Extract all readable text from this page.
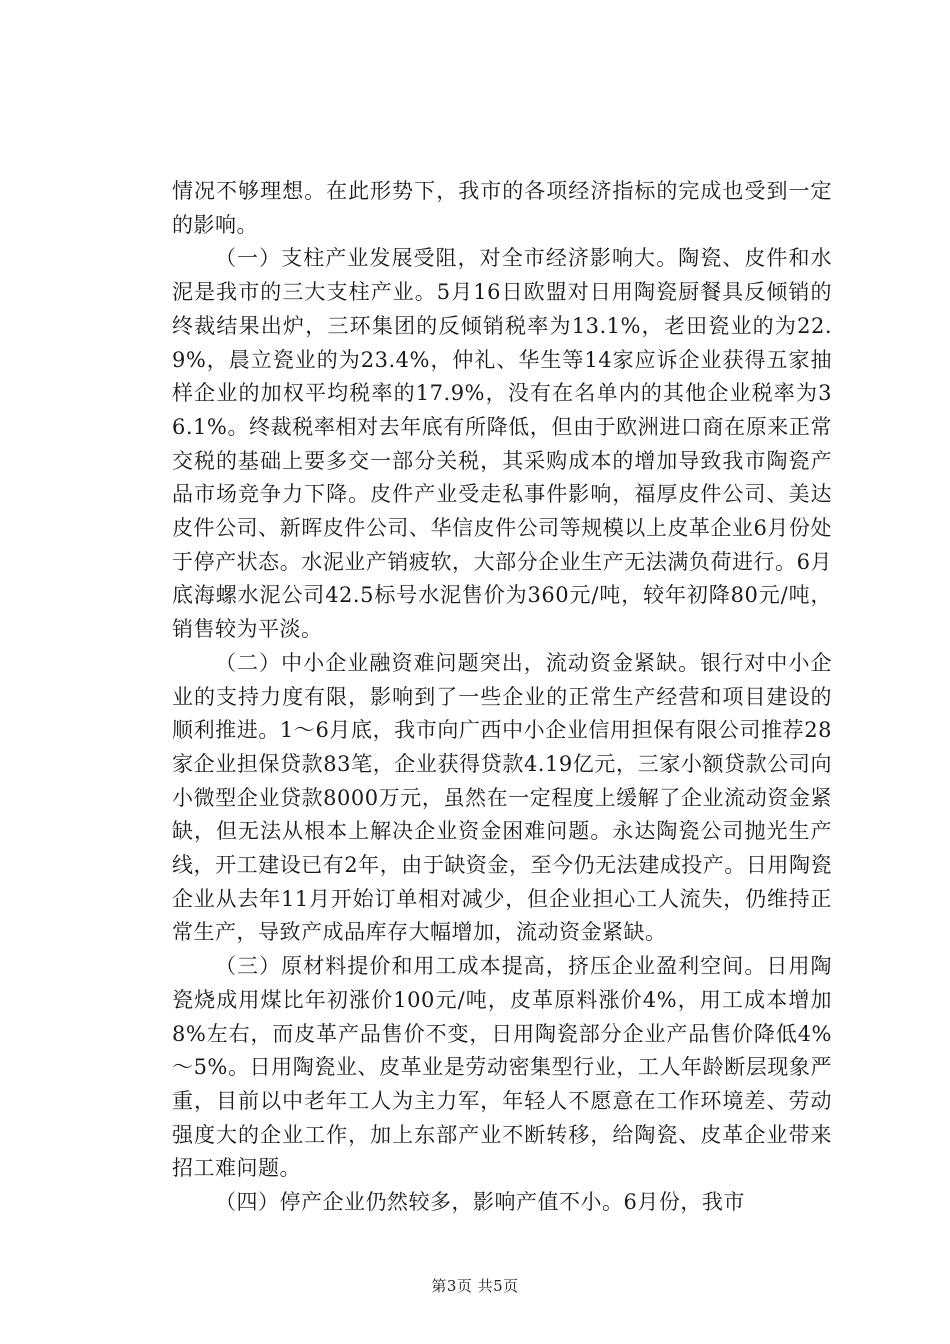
情况不够理想。在此形势下，我市的各项经济指标的完成也受到一定的影响。

（一）支柱产业发展受阻，对全市经济影响大。陶瓷、皮件和水泥是我市的三大支柱产业。5月16日欧盟对日用陶瓷厨餐具反倾销的终裁结果出炉，三环集团的反倾销税率为13.1%，老田瓷业的为22.9%，晨立瓷业的为23.4%，仲礼、华生等14家应诉企业获得五家抽样企业的加权平均税率的17.9%，没有在名单内的其他企业税率为36.1%。终裁税率相对去年底有所降低，但由于欧洲进口商在原来正常交税的基础上要多交一部分关税，其采购成本的增加导致我市陶瓷产品市场竞争力下降。皮件产业受走私事件影响，福厚皮件公司、美达皮件公司、新晖皮件公司、华信皮件公司等规模以上皮革企业6月份处于停产状态。水泥业产销疲软，大部分企业生产无法满负荷进行。6月底海螺水泥公司42.5标号水泥售价为360元/吨，较年初降80元/吨，销售较为平淡。

（二）中小企业融资难问题突出，流动资金紧缺。银行对中小企业的支持力度有限，影响到了一些企业的正常生产经营和项目建设的顺利推进。1～6月底，我市向广西中小企业信用担保有限公司推荐28家企业担保贷款83笔，企业获得贷款4.19亿元，三家小额贷款公司向小微型企业贷款8000万元，虽然在一定程度上缓解了企业流动资金紧缺，但无法从根本上解决企业资金困难问题。永达陶瓷公司抛光生产线，开工建设已有2年，由于缺资金，至今仍无法建成投产。日用陶瓷企业从去年11月开始订单相对减少，但企业担心工人流失，仍维持正常生产，导致产成品库存大幅增加，流动资金紧缺。

（三）原材料提价和用工成本提高，挤压企业盈利空间。日用陶瓷烧成用煤比年初涨价100元/吨，皮革原料涨价4%，用工成本增加8%左右，而皮革产品售价不变，日用陶瓷部分企业产品售价降低4%～5%。日用陶瓷业、皮革业是劳动密集型行业，工人年龄断层现象严重，目前以中老年工人为主力军，年轻人不愿意在工作环境差、劳动强度大的企业工作，加上东部产业不断转移，给陶瓷、皮革企业带来招工难问题。

（四）停产企业仍然较多，影响产值不小。6月份，我市

第3页 共5页
